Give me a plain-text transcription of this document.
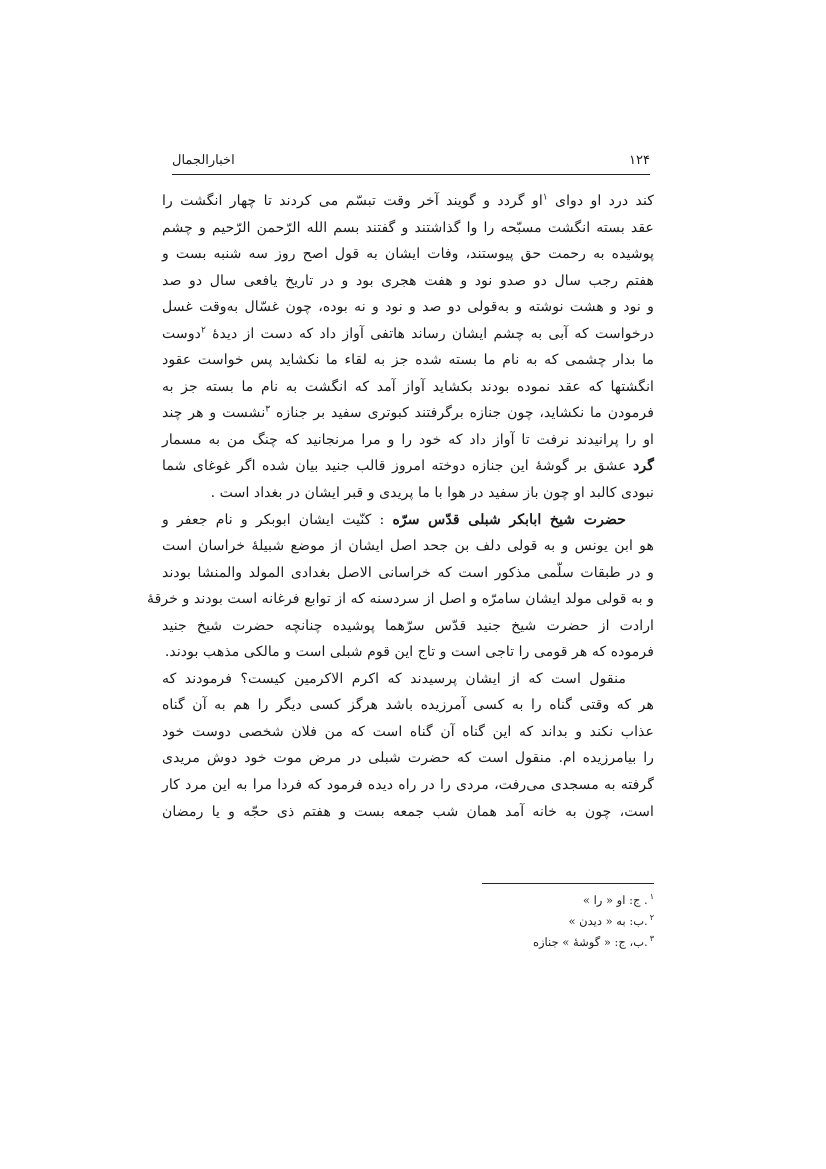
اخبارالجمال	۱۲۴
کند درد او دوای $^۱$او گردد و گویند آخر وقت تبسّم می کردند تا چهار انگشت را
عقد بسته انگشت مسبّحه را وا گذاشتند و گفتند بسم الله الرّحمن الرّحیم و چشم
پوشیده به رحمت حق پیوستند، وفات ایشان به قول اصح روز سه شنبه بست و
هفتم رجب سال دو صدو نود و هفت هجری بود و در تاریخ یافعی سال دو صد
و نود و هشت نوشته و به‌قولی دو صد و نود و نه بوده، چون غسّال به‌وقت غسل
درخواست که آبی به چشم ایشان رساند هاتفی آواز داد که دست از دیدهٔ $^۲$دوست
ما بدار چشمی که به نام ما بسته شده جز به لقاء ما نکشاید پس خواست عقود
انگشتها که عقد نموده بودند بکشاید آواز آمد که انگشت به نام ما بسته جز به
فرمودن ما نکشاید، چون جنازه برگرفتند کبوتری سفید بر جنازه $^۳$نشست و هر چند
او را پرانیدند نرفت تا آواز داد که خود را و مرا مرنجانید که چنگ من به مسمار
گرد عشق بر گوشهٔ این جنازه دوخته امروز قالب جنید بیان شده اگر غوغای شما
نبودی کالبد او چون باز سفید در هوا با ما پریدی و قبر ایشان در بغداد است .
حضرت شیخ ابابکر شبلی قدّس سرّه : کنّیت ایشان ابوبکر و نام جعفر و
هو ابن یونس و به قولی دلف بن جحد اصل ایشان از موضع شبیلهٔ خراسان است
و در طبقات سلّمی مذکور است که خراسانی الاصل بغدادی المولد والمنشا بودند
و به قولی مولد ایشان سامرّه و اصل از سردسنه که از توابع فرغانه است بودند و خرقهٔ
ارادت از حضرت شیخ جنید قدّس سرّهما پوشیده چنانچه حضرت شیخ جنید
فرموده که هر قومی را تاجی است و تاج این قوم شبلی است و مالکی مذهب بودند.
منقول است که از ایشان پرسیدند که اکرم الاکرمین کیست؟ فرمودند که
هر که وقتی گناه را به کسی آمرزیده باشد هرگز کسی دیگر را هم به آن گناه
عذاب نکند و بداند که این گناه آن گناه است که من فلان شخصی دوست خود
را بیامرزیده ام. منقول است که حضرت شبلی در مرض موت خود دوش مریدی
گرفته به مسجدی می‌رفت، مردی را در راه دیده فرمود که فردا مرا به این مرد کار
است، چون به خانه آمد همان شب جمعه بست و هفتم ذی حجّه و یا رمضان
$^۱$. ج: او « را »
$^۲$.ب: به « دیدن »
$^۳$.ب، ج: « گوشهٔ » جنازه
